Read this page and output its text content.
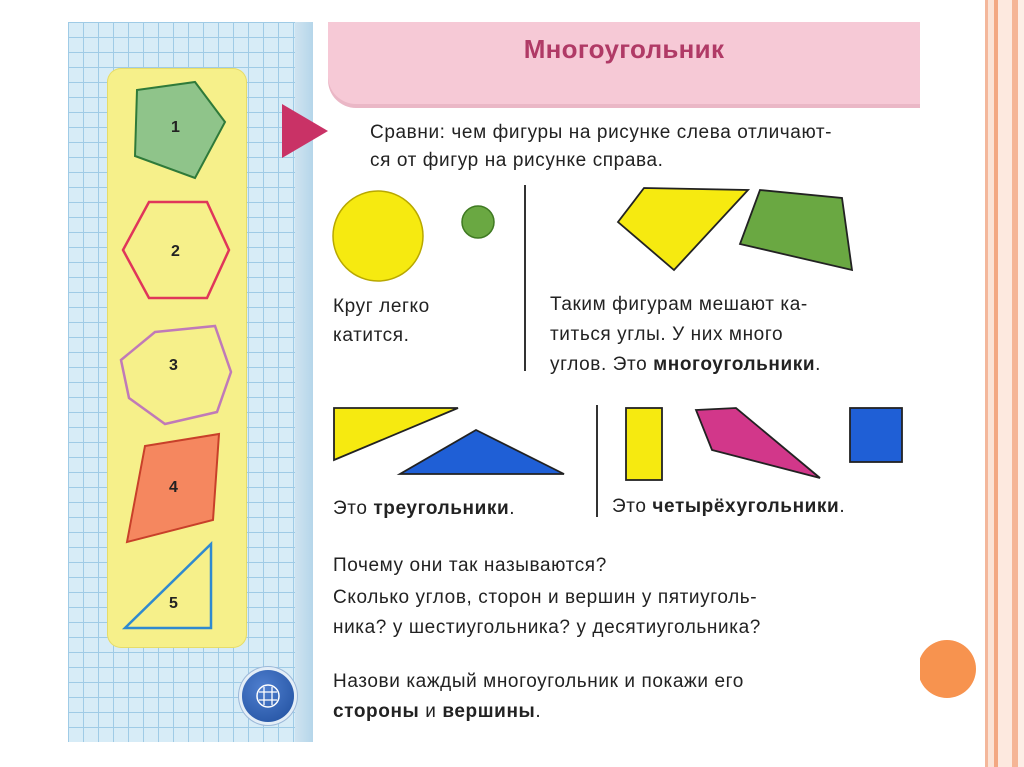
1
2
3
4
5
Многоугольник

Сравни: чем фигуры на рисунке слева отличают-

ся от фигур на рисунке справа.

Круг легко

катится.

Таким фигурам мешают ка-

титься углы. У них много

углов. Это многоугольники.

Это треугольники.	Это четырёхугольники.

Почему они так называются?

Сколько углов, сторон и вершин у пятиуголь-

ника? у шестиугольника? у десятиугольника?

Назови каждый многоугольник и покажи его

стороны и вершины.
